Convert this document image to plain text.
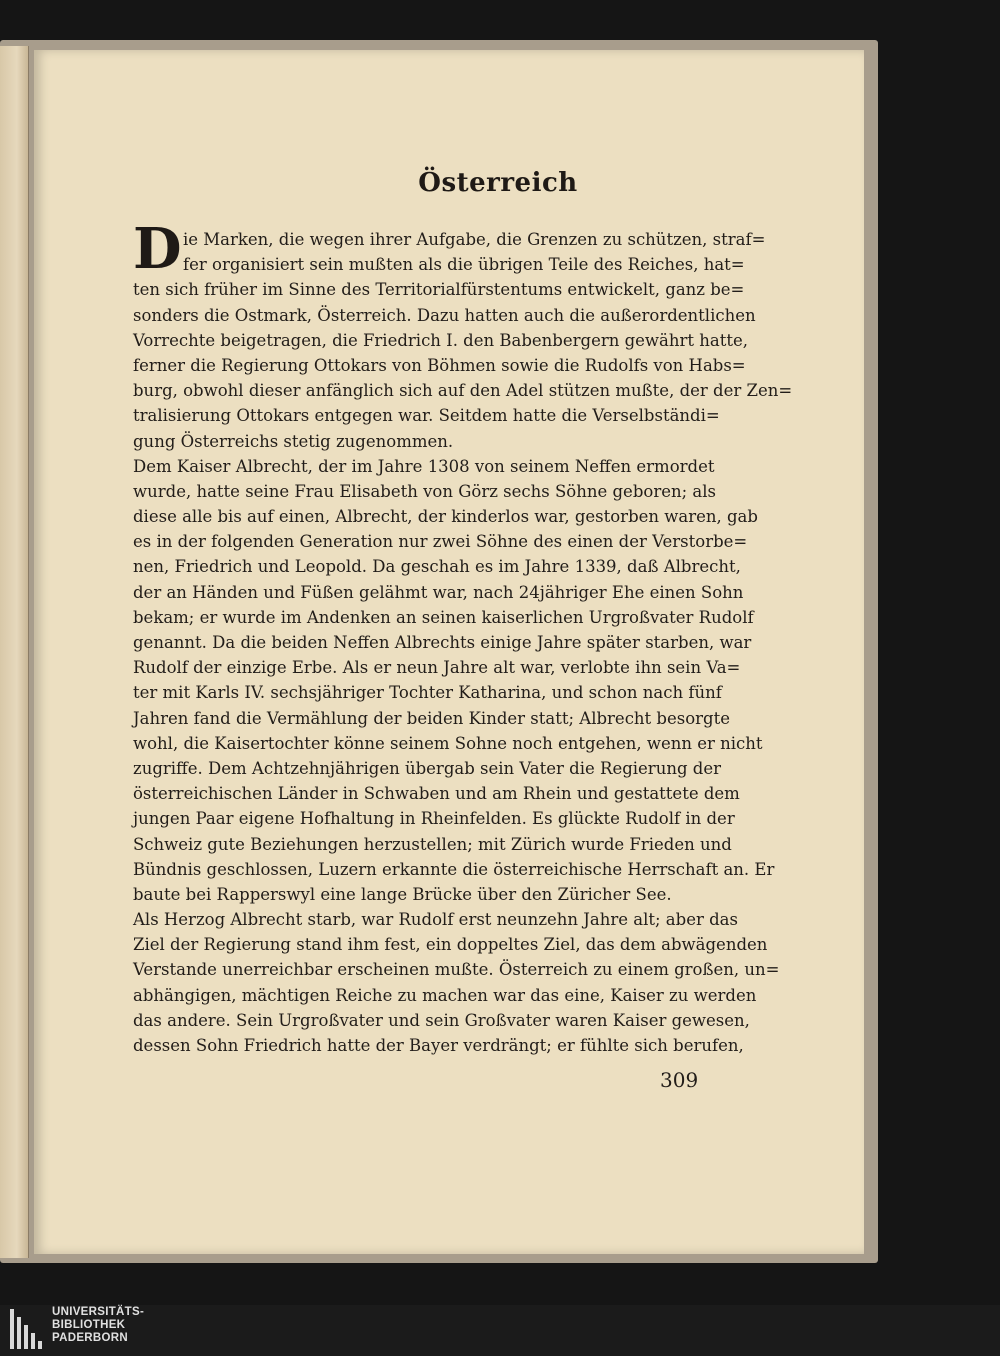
Österreich
D ie Marken, die wegen ihrer Aufgabe, die Grenzen zu schützen, straf=
fer organisiert sein mußten als die übrigen Teile des Reiches, hat=
ten sich früher im Sinne des Territorialfürstentums entwickelt, ganz be=
sonders die Ostmark, Österreich. Dazu hatten auch die außerordentlichen
Vorrechte beigetragen, die Friedrich I. den Babenbergern gewährt hatte,
ferner die Regierung Ottokars von Böhmen sowie die Rudolfs von Habs=
burg, obwohl dieser anfänglich sich auf den Adel stützen mußte, der der Zen=
tralisierung Ottokars entgegen war. Seitdem hatte die Verselbständi=
gung Österreichs stetig zugenommen.
Dem Kaiser Albrecht, der im Jahre 1308 von seinem Neffen ermordet
wurde, hatte seine Frau Elisabeth von Görz sechs Söhne geboren; als
diese alle bis auf einen, Albrecht, der kinderlos war, gestorben waren, gab
es in der folgenden Generation nur zwei Söhne des einen der Verstorbe=
nen, Friedrich und Leopold. Da geschah es im Jahre 1339, daß Albrecht,
der an Händen und Füßen gelähmt war, nach 24jähriger Ehe einen Sohn
bekam; er wurde im Andenken an seinen kaiserlichen Urgroßvater Rudolf
genannt. Da die beiden Neffen Albrechts einige Jahre später starben, war
Rudolf der einzige Erbe. Als er neun Jahre alt war, verlobte ihn sein Va=
ter mit Karls IV. sechsjähriger Tochter Katharina, und schon nach fünf
Jahren fand die Vermählung der beiden Kinder statt; Albrecht besorgte
wohl, die Kaisertochter könne seinem Sohne noch entgehen, wenn er nicht
zugriffe. Dem Achtzehnjährigen übergab sein Vater die Regierung der
österreichischen Länder in Schwaben und am Rhein und gestattete dem
jungen Paar eigene Hofhaltung in Rheinfelden. Es glückte Rudolf in der
Schweiz gute Beziehungen herzustellen; mit Zürich wurde Frieden und
Bündnis geschlossen, Luzern erkannte die österreichische Herrschaft an. Er
baute bei Rapperswyl eine lange Brücke über den Züricher See.
Als Herzog Albrecht starb, war Rudolf erst neunzehn Jahre alt; aber das
Ziel der Regierung stand ihm fest, ein doppeltes Ziel, das dem abwägenden
Verstande unerreichbar erscheinen mußte. Österreich zu einem großen, un=
abhängigen, mächtigen Reiche zu machen war das eine, Kaiser zu werden
das andere. Sein Urgroßvater und sein Großvater waren Kaiser gewesen,
dessen Sohn Friedrich hatte der Bayer verdrängt; er fühlte sich berufen,
309
UNIVERSITÄTS-
BIBLIOTHEK
PADERBORN
